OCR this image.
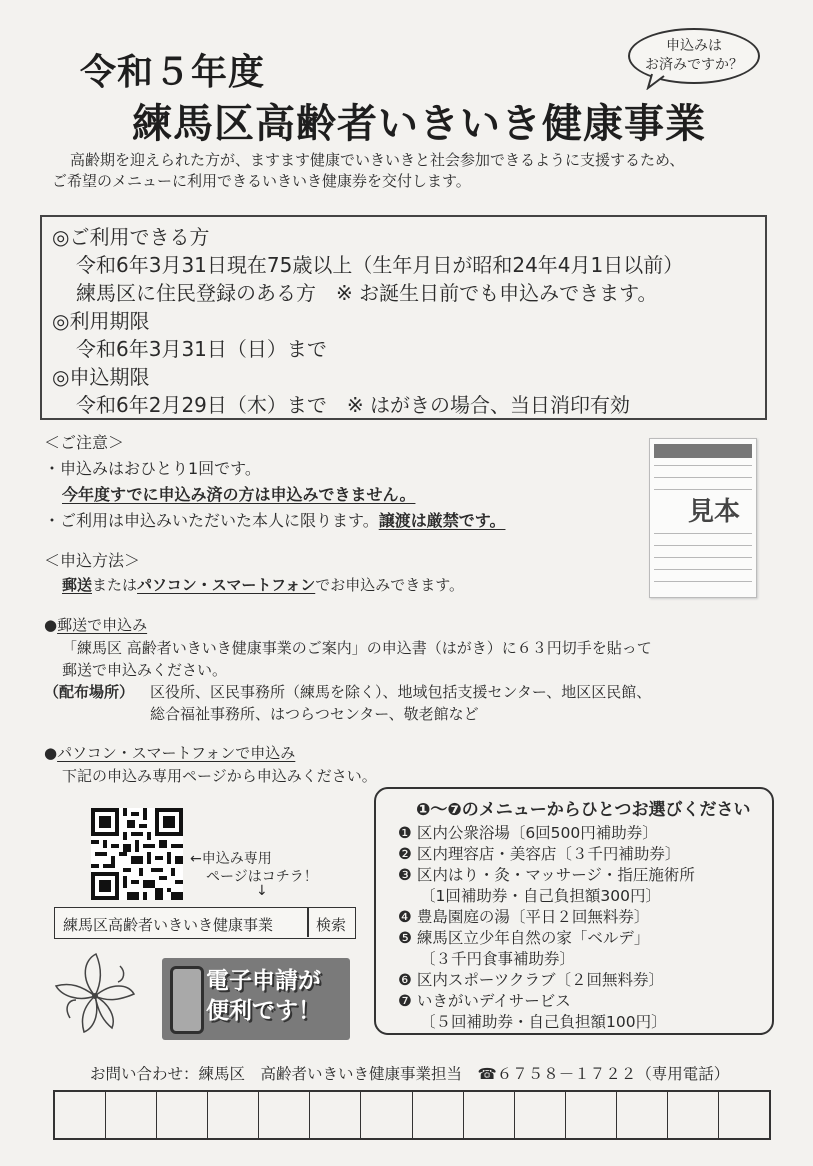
令和５年度
練馬区高齢者いきいき健康事業
申込みは
お済みですか？
高齢期を迎えられた方が、ますます健康でいきいきと社会参加できるように支援するため、
ご希望のメニューに利用できるいきいき健康券を交付します。
◎ご利用できる方
令和6年3月31日現在75歳以上（生年月日が昭和24年4月1日以前）
練馬区に住民登録のある方　※ お誕生日前でも申込みできます。
◎利用期限
令和6年3月31日（日）まで
◎申込期限
令和6年2月29日（木）まで　※ はがきの場合、当日消印有効
＜ご注意＞
・申込みはおひとり1回です。
今年度すでに申込み済の方は申込みできません。
・ご利用は申込みいただいた本人に限ります。譲渡は厳禁です。	見本
＜申込方法＞
郵送またはパソコン・スマートフォンでお申込みできます。
●郵送で申込み
「練馬区 高齢者いきいき健康事業のご案内」の申込書（はがき）に６３円切手を貼って
郵送で申込みください。
（配布場所） 区役所、区民事務所（練馬を除く）、地域包括支援センター、地区区民館、
総合福祉事務所、はつらつセンター、敬老館など
●パソコン・スマートフォンで申込み
下記の申込み専用ページから申込みください。
←申込み専用
ページはコチラ！
↓
練馬区高齢者いきいき健康事業	検索
電子申請が
便利です！
❶〜❼のメニューからひとつお選びください
❶ 区内公衆浴場〔6回500円補助券〕
❷ 区内理容店・美容店〔３千円補助券〕
❸ 区内はり・灸・マッサージ・指圧施術所
〔1回補助券・自己負担額300円〕
❹ 豊島園庭の湯〔平日２回無料券〕
❺ 練馬区立少年自然の家「ベルデ」
〔３千円食事補助券〕
❻ 区内スポーツクラブ〔２回無料券〕
❼ いきがいデイサービス
〔５回補助券・自己負担額100円〕
お問い合わせ：練馬区　高齢者いきいき健康事業担当　☎６７５８－１７２２（専用電話）
